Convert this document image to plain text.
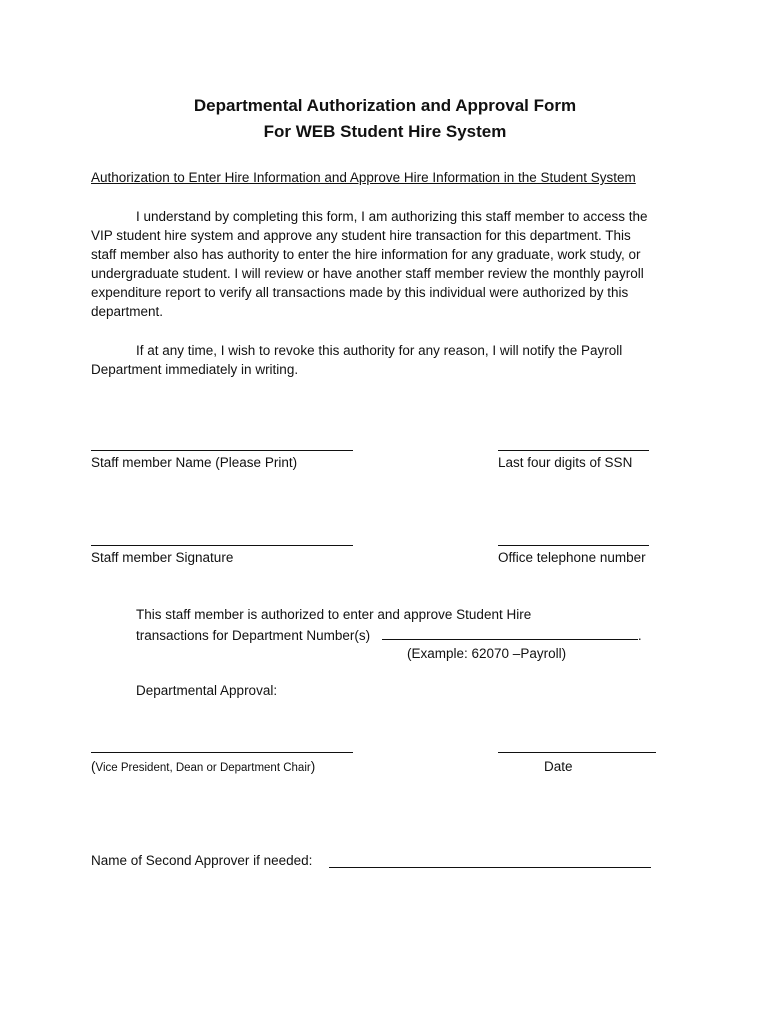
Departmental Authorization and Approval Form
For WEB Student Hire System
Authorization to Enter Hire Information and Approve Hire Information in the Student System

I understand by completing this form, I am authorizing this staff member to access the
VIP student hire system and approve any student hire transaction for this department. This
staff member also has authority to enter the hire information for any graduate, work study, or
undergraduate student. I will review or have another staff member review the monthly payroll
expenditure report to verify all transactions made by this individual were authorized by this
department.

If at any time, I wish to revoke this authority for any reason, I will notify the Payroll
Department immediately in writing.

Staff member Name (Please Print)	Last four digits of SSN
Staff member Signature	Office telephone number
This staff member is authorized to enter and approve Student Hire
transactions for Department Number(s)	.
(Example: 62070 –Payroll)
Departmental Approval:
(Vice President, Dean or Department Chair)	Date
Name of Second Approver if needed:
